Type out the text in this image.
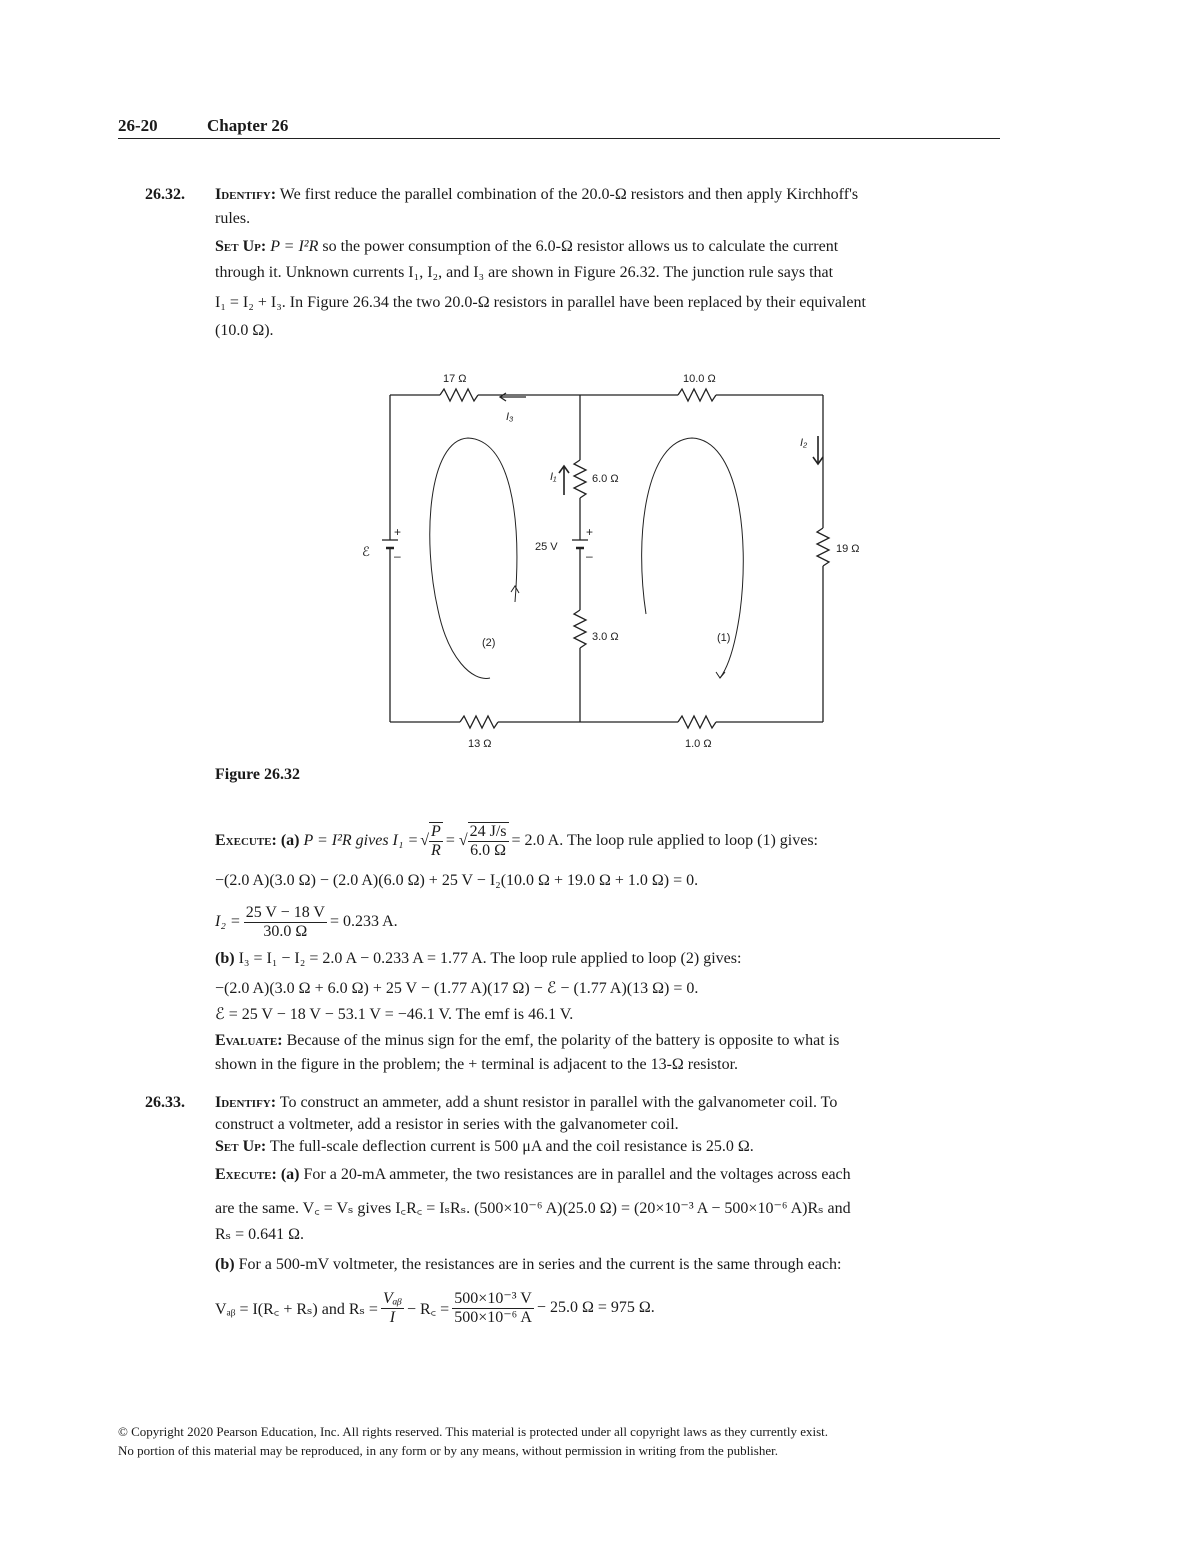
26-20	Chapter 26
26.32. Identify: We first reduce the parallel combination of the 20.0-Ω resistors and then apply Kirchhoff's
rules.
Set Up: P = I²R so the power consumption of the 6.0-Ω resistor allows us to calculate the current
through it. Unknown currents I₁, I₂, and I₃ are shown in Figure 26.32. The junction rule says that
I₁ = I₂ + I₃. In Figure 26.34 the two 20.0-Ω resistors in parallel have been replaced by their equivalent
(10.0 Ω).
17 Ω	10.0 Ω
6.0 Ω
3.0 Ω
19 Ω
13 Ω	1.0 Ω
I₃
I₁
I₂
ℰ
+
–
25 V
+
–
(2)	(1)
Figure 26.32
Execute:
(a)
P = I²R gives I₁ = √ $\frac{P}{R}$ = √ $\frac{24 J/s}{6.0 \Omega} = 2.0$ A. The loop rule applied to loop (1) gives:
−(2.0 A)(3.0 Ω) − (2.0 A)(6.0 Ω) + 25 V − I₂(10.0 Ω + 19.0 Ω + 1.0 Ω) = 0.
$I_2 = \frac{25 V - 18 V}{30.0 \Omega} = 0.233$ A.
(b) I₃ = I₁ − I₂ = 2.0 A − 0.233 A = 1.77 A. The loop rule applied to loop (2) gives:
−(2.0 A)(3.0 Ω + 6.0 Ω) + 25 V − (1.77 A)(17 Ω) − ℰ − (1.77 A)(13 Ω) = 0.
ℰ = 25 V − 18 V − 53.1 V = −46.1 V. The emf is 46.1 V.
Evaluate: Because of the minus sign for the emf, the polarity of the battery is opposite to what is
shown in the figure in the problem; the + terminal is adjacent to the 13-Ω resistor.
26.33. Identify: To construct an ammeter, add a shunt resistor in parallel with the galvanometer coil. To
construct a voltmeter, add a resistor in series with the galvanometer coil.
Set Up: The full-scale deflection current is 500 μA and the coil resistance is 25.0 Ω.
Execute: (a) For a 20-mA ammeter, the two resistances are in parallel and the voltages across each
are the same. V꜀ = Vₛ gives I꜀R꜀ = IₛRₛ. (500×10⁻⁶ A)(25.0 Ω) = (20×10⁻³ A − 500×10⁻⁶ A)Rₛ and
Rₛ = 0.641 Ω.
(b) For a 500-mV voltmeter, the resistances are in series and the current is the same through each:
Vₐᵦ = I(R꜀ + Rₛ) and $R_s = \frac{\text{Vₐᵦ}}{I}$ − R꜀ = $\frac{\text{500×10⁻³ V}}{\text{500×10⁻⁶ A}} - 25.0$ Ω = 975 Ω.
© Copyright 2020 Pearson Education, Inc. All rights reserved. This material is protected under all copyright laws as they currently exist.
No portion of this material may be reproduced, in any form or by any means, without permission in writing from the publisher.
